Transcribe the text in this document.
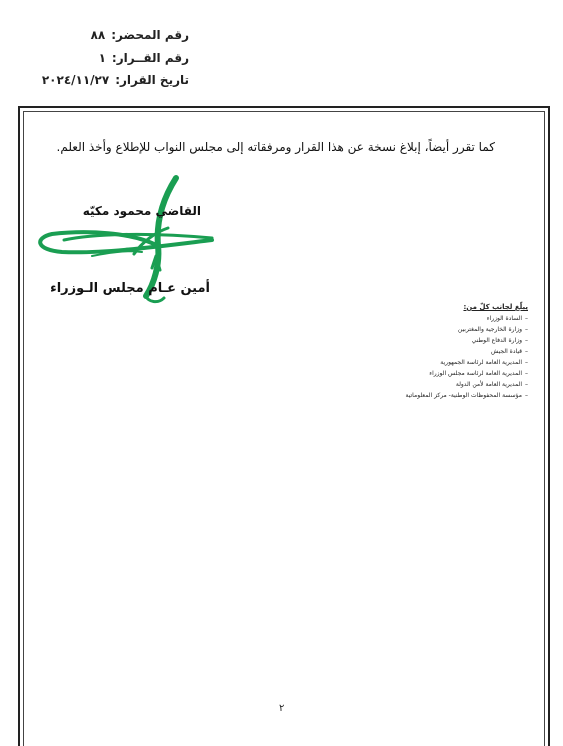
رقم المحضر:٨٨
رقم القــرار:١
تاريخ القرار:٢٠٢٤/١١/٢٧
كما تقرر أيضاً، إبلاغ نسخة عن هذا القرار ومرفقاته إلى مجلس النواب للإطلاع وأخذ العلم.
القاضي محمود مكيّه
أمين عـام مجلس الـوزراء
يبلّغ لجانب كلّ من:
–السادة الوزراء
–وزارة الخارجية والمغتربين
–وزارة الدفاع الوطني
–قيادة الجيش
–المديرية العامة لرئاسة الجمهورية
–المديرية العامة لرئاسة مجلس الوزراء
–المديرية العامة لأمن الدولة
–مؤسسة المحفوظات الوطنية- مركز المعلوماتية
٢
